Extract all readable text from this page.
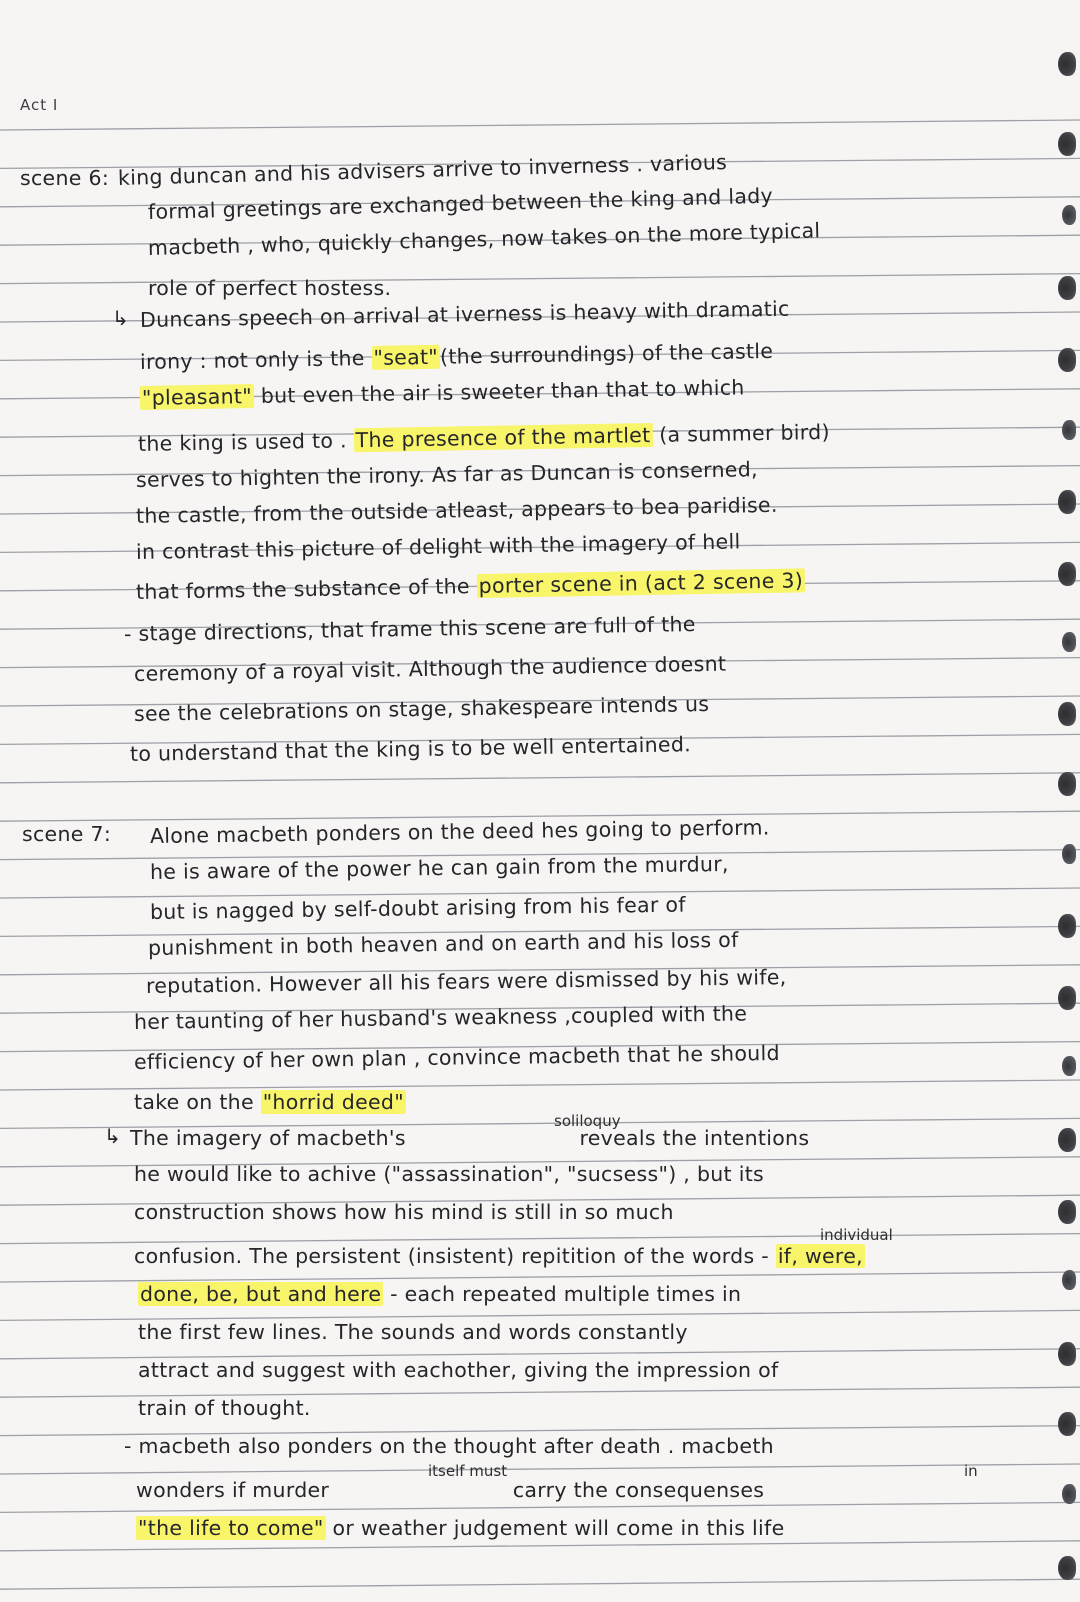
Act I
scene 6: king duncan and his advisers arrive to inverness . various
formal greetings are exchanged between the king and lady
macbeth , who, quickly changes, now takes on the more typical
role of perfect hostess.
↳ Duncans speech on arrival at iverness is heavy with dramatic
irony : not only is the "seat"(the surroundings) of the castle
"pleasant" but even the air is sweeter than that to which
the king is used to . The presence of the martlet (a summer bird)
serves to highten the irony. As far as Duncan is conserned,
the castle, from the outside atleast, appears to bea paridise.
in contrast this picture of delight with the imagery of hell
that forms the substance of the porter scene in (act 2 scene 3)
- stage directions, that frame this scene are full of the
ceremony of a royal visit. Although the audience doesnt
see the celebrations on stage, shakespeare intends us
to understand that the king is to be well entertained.
scene 7: Alone macbeth ponders on the deed hes going to perform.
he is aware of the power he can gain from the murdur,
but is nagged by self-doubt arising from his fear of
punishment in both heaven and on earth and his loss of
reputation. However all his fears were dismissed by his wife,
her taunting of her husband's weakness ,coupled with the
efficiency of her own plan , convince macbeth that he should
take on the "horrid deed"
soliloquy
↳ The imagery of macbeth's	reveals the intentions
he would like to achive ("assassination", "sucsess") , but its
construction shows how his mind is still in so much
individual
confusion. The persistent (insistent) repitition of the words - if, were,
done, be, but and here - each repeated multiple times in
the first few lines. The sounds and words constantly
attract and suggest with eachother, giving the impression of
train of thought.
- macbeth also ponders on the thought after death . macbeth
itself must	in
wonders if murder	carry the consequenses
"the life to come" or weather judgement will come in this life
